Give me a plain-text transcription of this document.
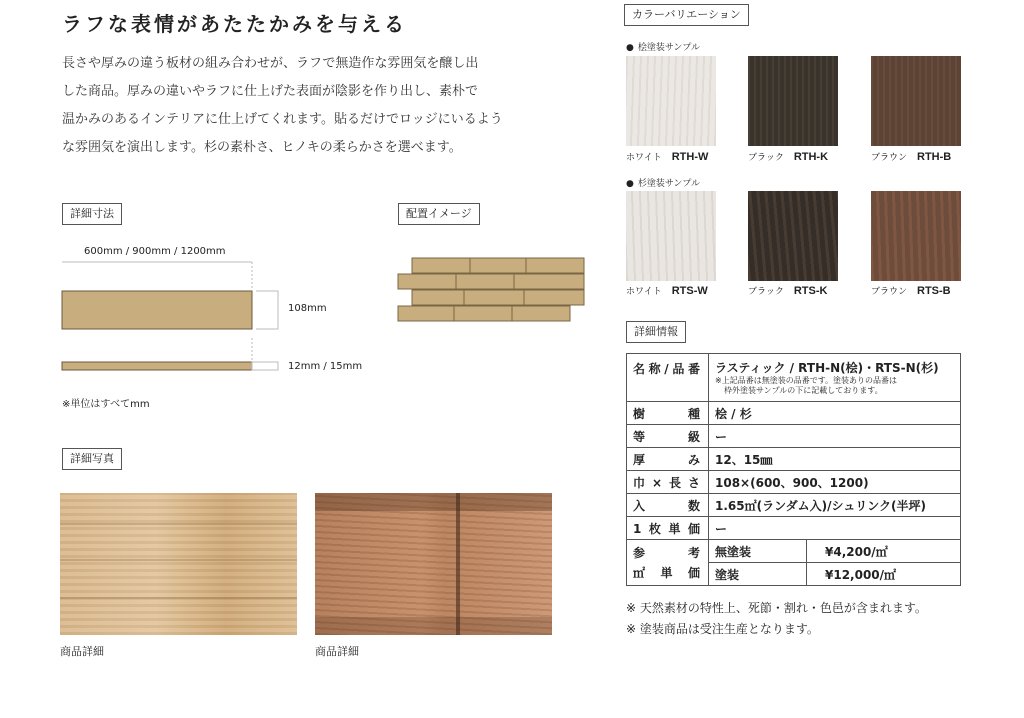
ラフな表情があたたかみを与える
長さや厚みの違う板材の組み合わせが、ラフで無造作な雰囲気を醸し出
した商品。厚みの違いやラフに仕上げた表面が陰影を作り出し、素朴で
温かみのあるインテリアに仕上げてくれます。貼るだけでロッジにいるよう
な雰囲気を演出します。杉の素朴さ、ヒノキの柔らかさを選べます。
詳細寸法
600mm / 900mm / 1200mm
108mm
12mm / 15mm
※単位はすべてmm
配置イメージ
詳細写真
商品詳細	商品詳細
カラーバリエーション
● 桧塗装サンプル
ホワイト RTH-W	ブラック RTH-K	ブラウン RTH-B
● 杉塗装サンプル
ホワイト RTS-W	ブラック RTS-K	ブラウン RTS-B
詳細情報
名称/品番	ラスティック / RTH-N(桧)・RTS-N(杉)
※上記品番は無塗装の品番です。塗装ありの品番は
枠外塗装サンプルの下に記載しております。	

樹種	桧 / 杉	
等級	ー	
厚み	12、15㎜	
巾×長さ	108×(600、900、1200)	
入数	1.65㎡(ランダム入)/シュリンク(半坪)	
1枚単価	ー	

参考
㎡単価	無塗装	¥4,200/㎡
	塗装	¥12,000/㎡
※ 天然素材の特性上、死節・割れ・色邑が含まれます。
※ 塗装商品は受注生産となります。
